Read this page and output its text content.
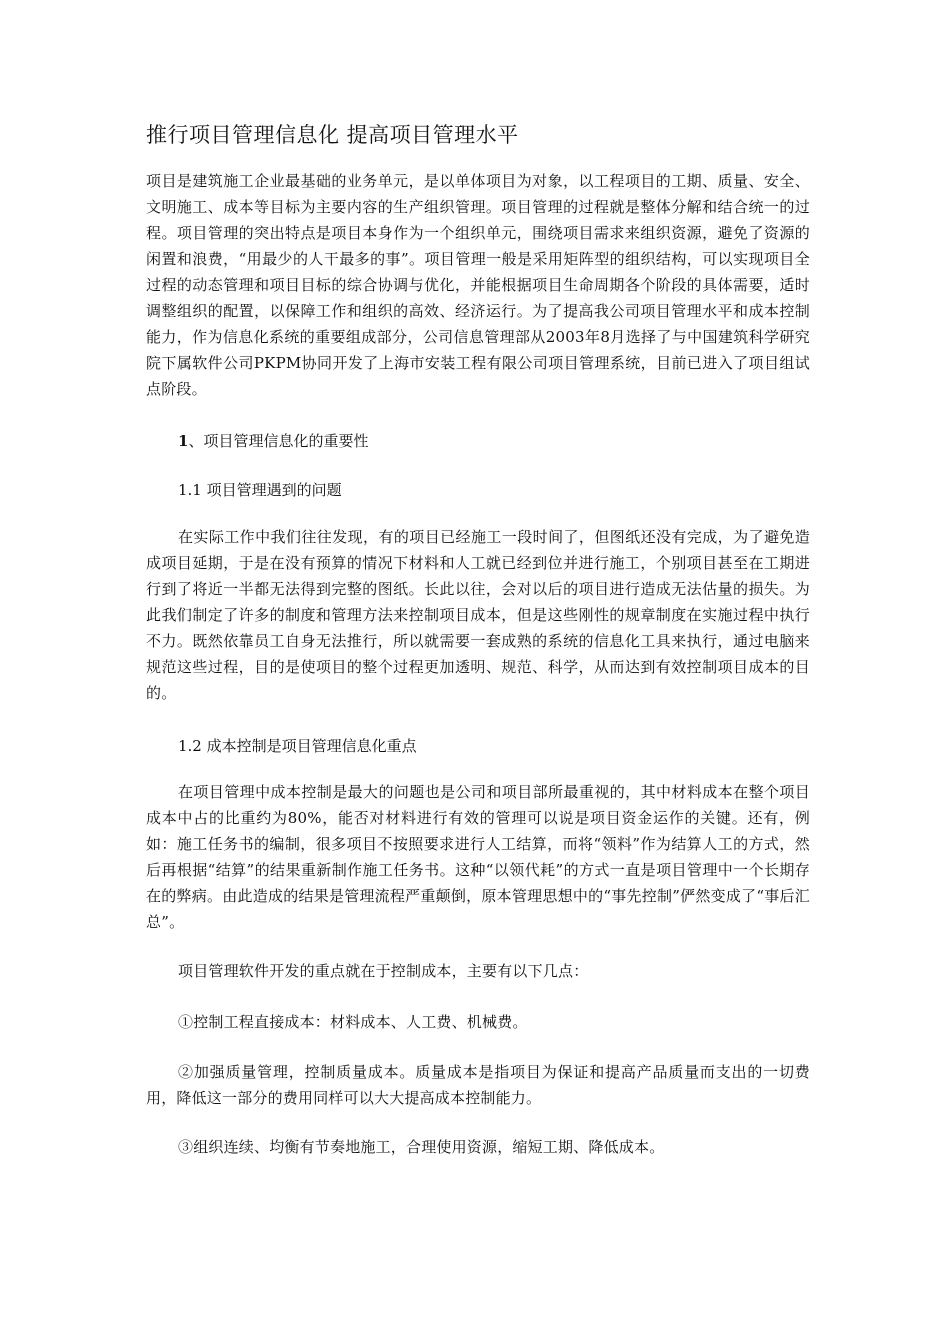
推行项目管理信息化 提高项目管理水平

项目是建筑施工企业最基础的业务单元，是以单体项目为对象，以工程项目的工期、质量、安全、文明施工、成本等目标为主要内容的生产组织管理。项目管理的过程就是整体分解和结合统一的过程。项目管理的突出特点是项目本身作为一个组织单元，围绕项目需求来组织资源，避免了资源的闲置和浪费，“用最少的人干最多的事”。项目管理一般是采用矩阵型的组织结构，可以实现项目全过程的动态管理和项目目标的综合协调与优化，并能根据项目生命周期各个阶段的具体需要，适时调整组织的配置，以保障工作和组织的高效、经济运行。为了提高我公司项目管理水平和成本控制能力，作为信息化系统的重要组成部分，公司信息管理部从2003年8月选择了与中国建筑科学研究院下属软件公司PKPM协同开发了上海市安装工程有限公司项目管理系统，目前已进入了项目组试点阶段。

1、项目管理信息化的重要性
1.1 项目管理遇到的问题

在实际工作中我们往往发现，有的项目已经施工一段时间了，但图纸还没有完成，为了避免造成项目延期，于是在没有预算的情况下材料和人工就已经到位并进行施工，个别项目甚至在工期进行到了将近一半都无法得到完整的图纸。长此以往，会对以后的项目进行造成无法估量的损失。为此我们制定了许多的制度和管理方法来控制项目成本，但是这些刚性的规章制度在实施过程中执行不力。既然依靠员工自身无法推行，所以就需要一套成熟的系统的信息化工具来执行，通过电脑来规范这些过程，目的是使项目的整个过程更加透明、规范、科学，从而达到有效控制项目成本的目的。

1.2 成本控制是项目管理信息化重点

在项目管理中成本控制是最大的问题也是公司和项目部所最重视的，其中材料成本在整个项目成本中占的比重约为80%，能否对材料进行有效的管理可以说是项目资金运作的关键。还有，例如：施工任务书的编制，很多项目不按照要求进行人工结算，而将“领料”作为结算人工的方式，然后再根据“结算”的结果重新制作施工任务书。这种“以领代耗”的方式一直是项目管理中一个长期存在的弊病。由此造成的结果是管理流程严重颠倒，原本管理思想中的“事先控制”俨然变成了“事后汇总”。

项目管理软件开发的重点就在于控制成本，主要有以下几点：

①控制工程直接成本：材料成本、人工费、机械费。

②加强质量管理，控制质量成本。质量成本是指项目为保证和提高产品质量而支出的一切费用，降低这一部分的费用同样可以大大提高成本控制能力。

③组织连续、均衡有节奏地施工，合理使用资源，缩短工期、降低成本。
